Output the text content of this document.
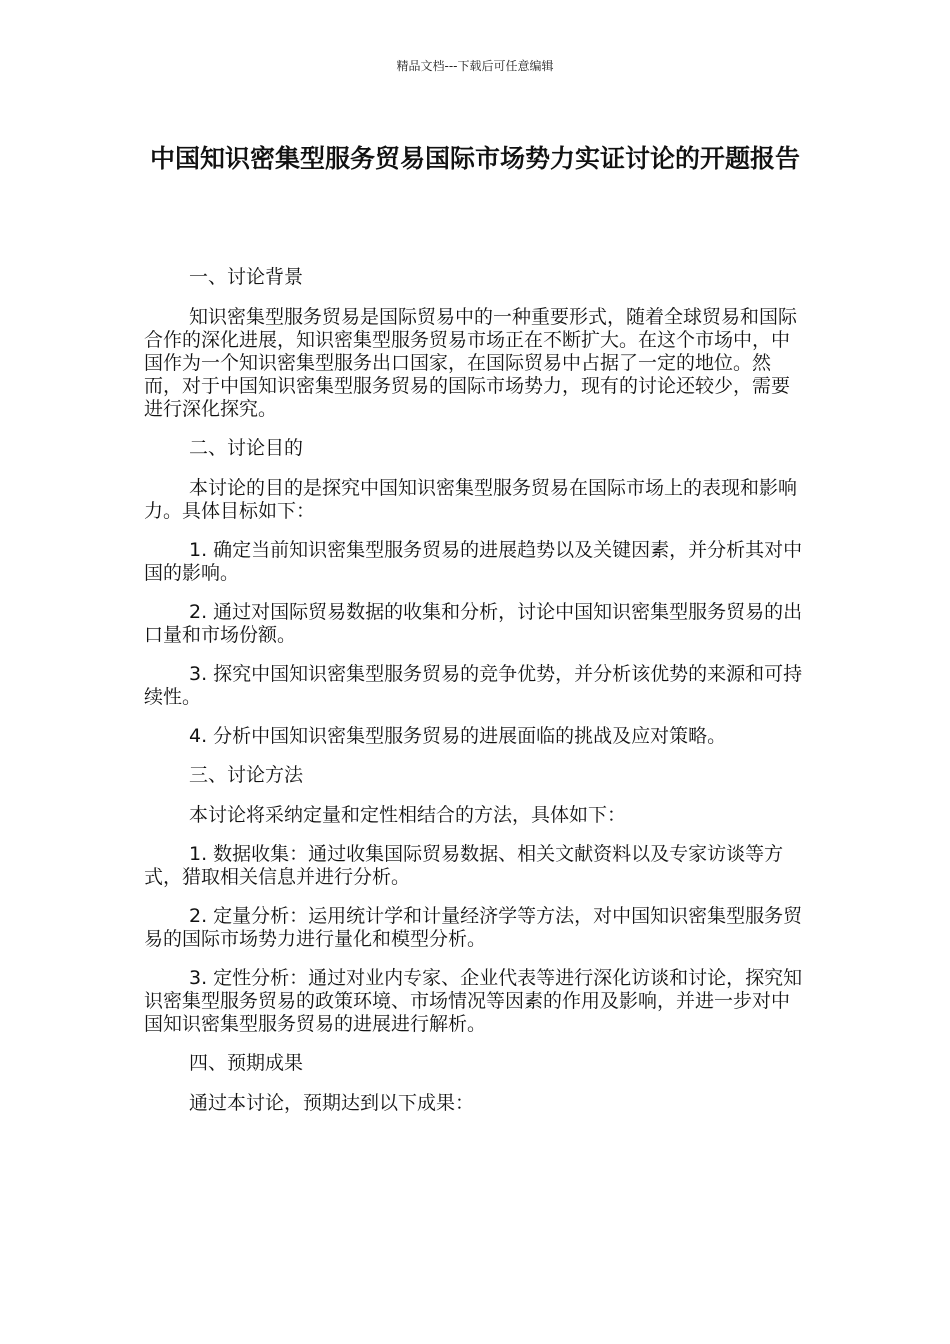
精品文档---下载后可任意编辑
中国知识密集型服务贸易国际市场势力实证讨论的开题报告

一、讨论背景

知识密集型服务贸易是国际贸易中的一种重要形式，随着全球贸易和国际合作的深化进展，知识密集型服务贸易市场正在不断扩大。在这个市场中，中国作为一个知识密集型服务出口国家，在国际贸易中占据了一定的地位。然而，对于中国知识密集型服务贸易的国际市场势力，现有的讨论还较少，需要进行深化探究。

二、讨论目的

本讨论的目的是探究中国知识密集型服务贸易在国际市场上的表现和影响力。具体目标如下：

1. 确定当前知识密集型服务贸易的进展趋势以及关键因素，并分析其对中国的影响。

2. 通过对国际贸易数据的收集和分析，讨论中国知识密集型服务贸易的出口量和市场份额。

3. 探究中国知识密集型服务贸易的竞争优势，并分析该优势的来源和可持续性。

4. 分析中国知识密集型服务贸易的进展面临的挑战及应对策略。

三、讨论方法

本讨论将采纳定量和定性相结合的方法，具体如下：

1. 数据收集：通过收集国际贸易数据、相关文献资料以及专家访谈等方式，猎取相关信息并进行分析。

2. 定量分析：运用统计学和计量经济学等方法，对中国知识密集型服务贸易的国际市场势力进行量化和模型分析。

3. 定性分析：通过对业内专家、企业代表等进行深化访谈和讨论，探究知识密集型服务贸易的政策环境、市场情况等因素的作用及影响，并进一步对中国知识密集型服务贸易的进展进行解析。

四、预期成果

通过本讨论，预期达到以下成果：
